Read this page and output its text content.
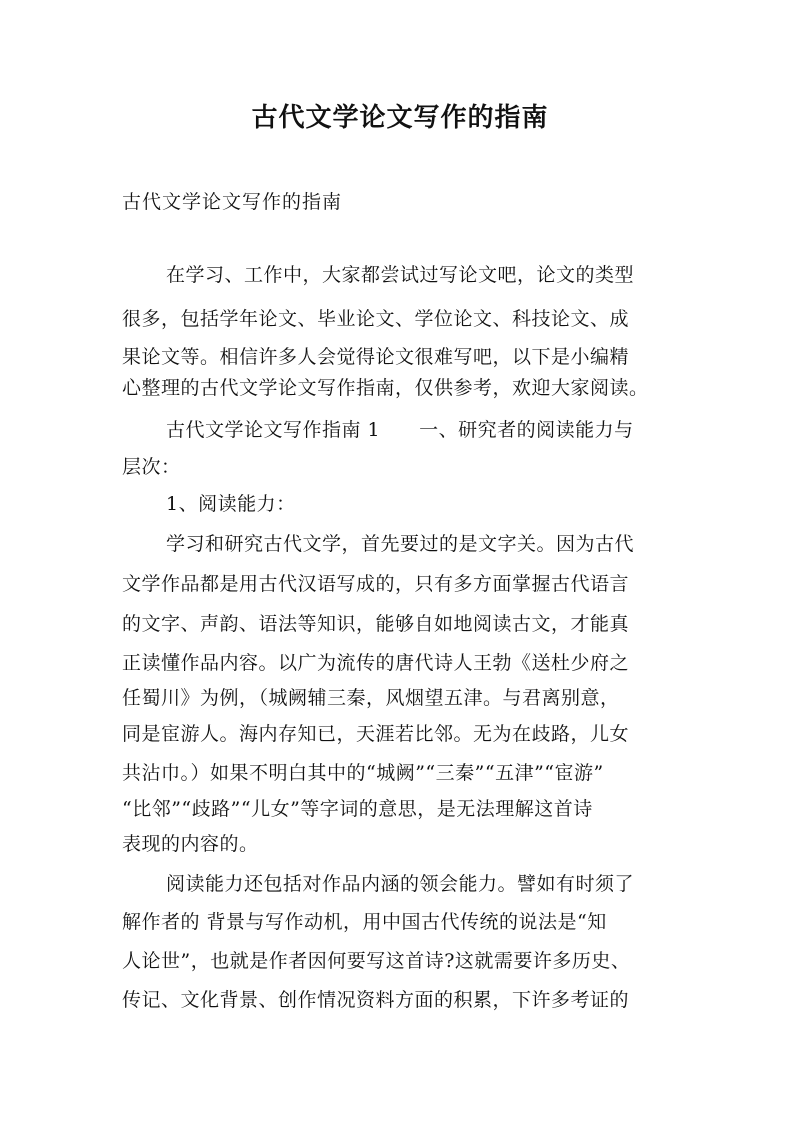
古代文学论文写作的指南
古代文学论文写作的指南
在学习、工作中，大家都尝试过写论文吧，论文的类型
很多，包括学年论文、毕业论文、学位论文、科技论文、成
果论文等。相信许多人会觉得论文很难写吧，以下是小编精
心整理的古代文学论文写作指南，仅供参考，欢迎大家阅读。
古代文学论文写作指南 1　　一、研究者的阅读能力与
层次：
1、阅读能力：
学习和研究古代文学，首先要过的是文字关。因为古代
文学作品都是用古代汉语写成的，只有多方面掌握古代语言
的文字、声韵、语法等知识，能够自如地阅读古文，才能真
正读懂作品内容。以广为流传的唐代诗人王勃《送杜少府之
任蜀川》为例，（城阙辅三秦，风烟望五津。与君离别意，
同是宦游人。海内存知已，天涯若比邻。无为在歧路，儿女
共沾巾。）如果不明白其中的“城阙”“三秦”“五津”“宦游”
“比邻”“歧路”“儿女”等字词的意思，是无法理解这首诗
表现的内容的。
阅读能力还包括对作品内涵的领会能力。譬如有时须了
解作者的 背景与写作动机，用中国古代传统的说法是“知
人论世”，也就是作者因何要写这首诗?这就需要许多历史、
传记、文化背景、创作情况资料方面的积累，下许多考证的
